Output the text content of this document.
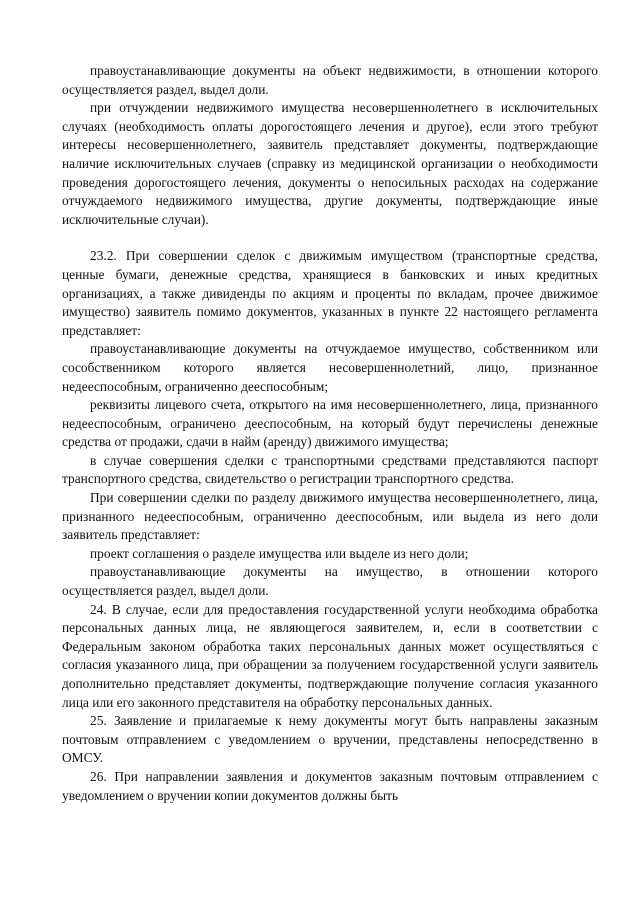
правоустанавливающие документы на объект недвижимости, в отношении которого осуществляется раздел, выдел доли.

при отчуждении недвижимого имущества несовершеннолетнего в исключительных случаях (необходимость оплаты дорогостоящего лечения и другое), если этого требуют интересы несовершеннолетнего, заявитель представляет документы, подтверждающие наличие исключительных случаев (справку из медицинской организации о необходимости проведения дорогостоящего лечения, документы о непосильных расходах на содержание отчуждаемого недвижимого имущества, другие документы, подтверждающие иные исключительные случаи).

23.2. При совершении сделок с движимым имуществом (транспортные средства, ценные бумаги, денежные средства, хранящиеся в банковских и иных кредитных организациях, а также дивиденды по акциям и проценты по вкладам, прочее движимое имущество) заявитель помимо документов, указанных в пункте 22 настоящего регламента представляет:

правоустанавливающие документы на отчуждаемое имущество, собственником или сособственником которого является несовершеннолетний, лицо, признанное недееспособным, ограниченно дееспособным;

реквизиты лицевого счета, открытого на имя несовершеннолетнего, лица, признанного недееспособным, ограничено дееспособным, на который будут перечислены денежные средства от продажи, сдачи в найм (аренду) движимого имущества;

в случае совершения сделки с транспортными средствами представляются паспорт транспортного средства, свидетельство о регистрации транспортного средства.

При совершении сделки по разделу движимого имущества несовершеннолетнего, лица, признанного недееспособным, ограниченно дееспособным, или выдела из него доли заявитель представляет:

проект соглашения о разделе имущества или выделе из него доли;

правоустанавливающие документы на имущество, в отношении которого осуществляется раздел, выдел доли.

24. В случае, если для предоставления государственной услуги необходима обработка персональных данных лица, не являющегося заявителем, и, если в соответствии с Федеральным законом обработка таких персональных данных может осуществляться с согласия указанного лица, при обращении за получением государственной услуги заявитель дополнительно представляет документы, подтверждающие получение согласия указанного лица или его законного представителя на обработку персональных данных.

25. Заявление и прилагаемые к нему документы могут быть направлены заказным почтовым отправлением с уведомлением о вручении, представлены непосредственно в ОМСУ.

26. При направлении заявления и документов заказным почтовым отправлением с уведомлением о вручении копии документов должны быть
